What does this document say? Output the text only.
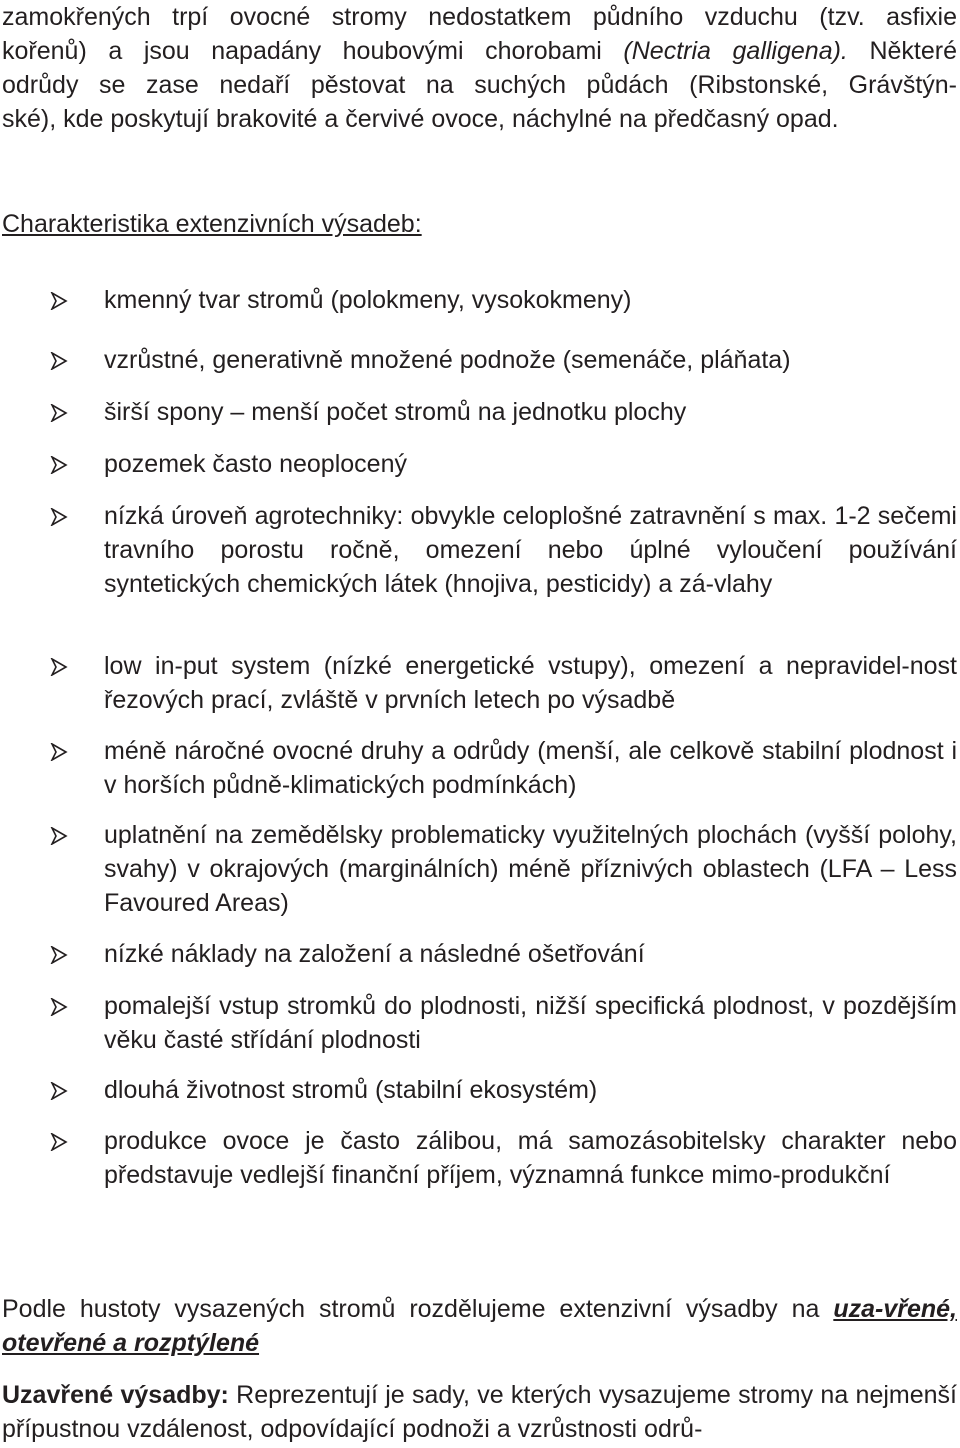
zamokřených trpí ovocné stromy nedostatkem půdního vzduchu (tzv. asfixie

kořenů) a jsou napadány houbovými chorobami (Nectria galligena). Některé

odrůdy se zase nedaří pěstovat na suchých půdách (Ribstonské, Grávštýn-

ské), kde poskytují brakovité a červivé ovoce, náchylné na předčasný opad.

Charakteristika extenzivních výsadeb:

kmenný tvar stromů (polokmeny, vysokokmeny)

vzrůstné, generativně množené podnože (semenáče, pláňata)

širší spony – menší počet stromů na jednotku plochy

pozemek často neoplocený

nízká úroveň agrotechniky: obvykle celoplošné zatravnění s max. 1-2 sečemi travního porostu ročně, omezení nebo úplné vyloučení používání syntetických chemických látek (hnojiva, pesticidy) a zá-vlahy

low in-put system (nízké energetické vstupy), omezení a nepravidel-nost řezových prací, zvláště v prvních letech po výsadbě

méně náročné ovocné druhy a odrůdy (menší, ale celkově stabilní plodnost i v horších půdně-klimatických podmínkách)

uplatnění na zemědělsky problematicky využitelných plochách (vyšší polohy, svahy) v okrajových (marginálních) méně příznivých oblastech (LFA – Less Favoured Areas)

nízké náklady na založení a následné ošetřování

pomalejší vstup stromků do plodnosti, nižší specifická plodnost, v pozdějším věku časté střídání plodnosti

dlouhá životnost stromů (stabilní ekosystém)

produkce ovoce je často zálibou, má samozásobitelsky charakter nebo představuje vedlejší finanční příjem, významná funkce mimo-produkční

Podle hustoty vysazených stromů rozdělujeme extenzivní výsadby na uza-vřené, otevřené a rozptýlené

Uzavřené výsadby: Reprezentují je sady, ve kterých vysazujeme stromy na nejmenší přípustnou vzdálenost, odpovídající podnoži a vzrůstnosti odrů-
